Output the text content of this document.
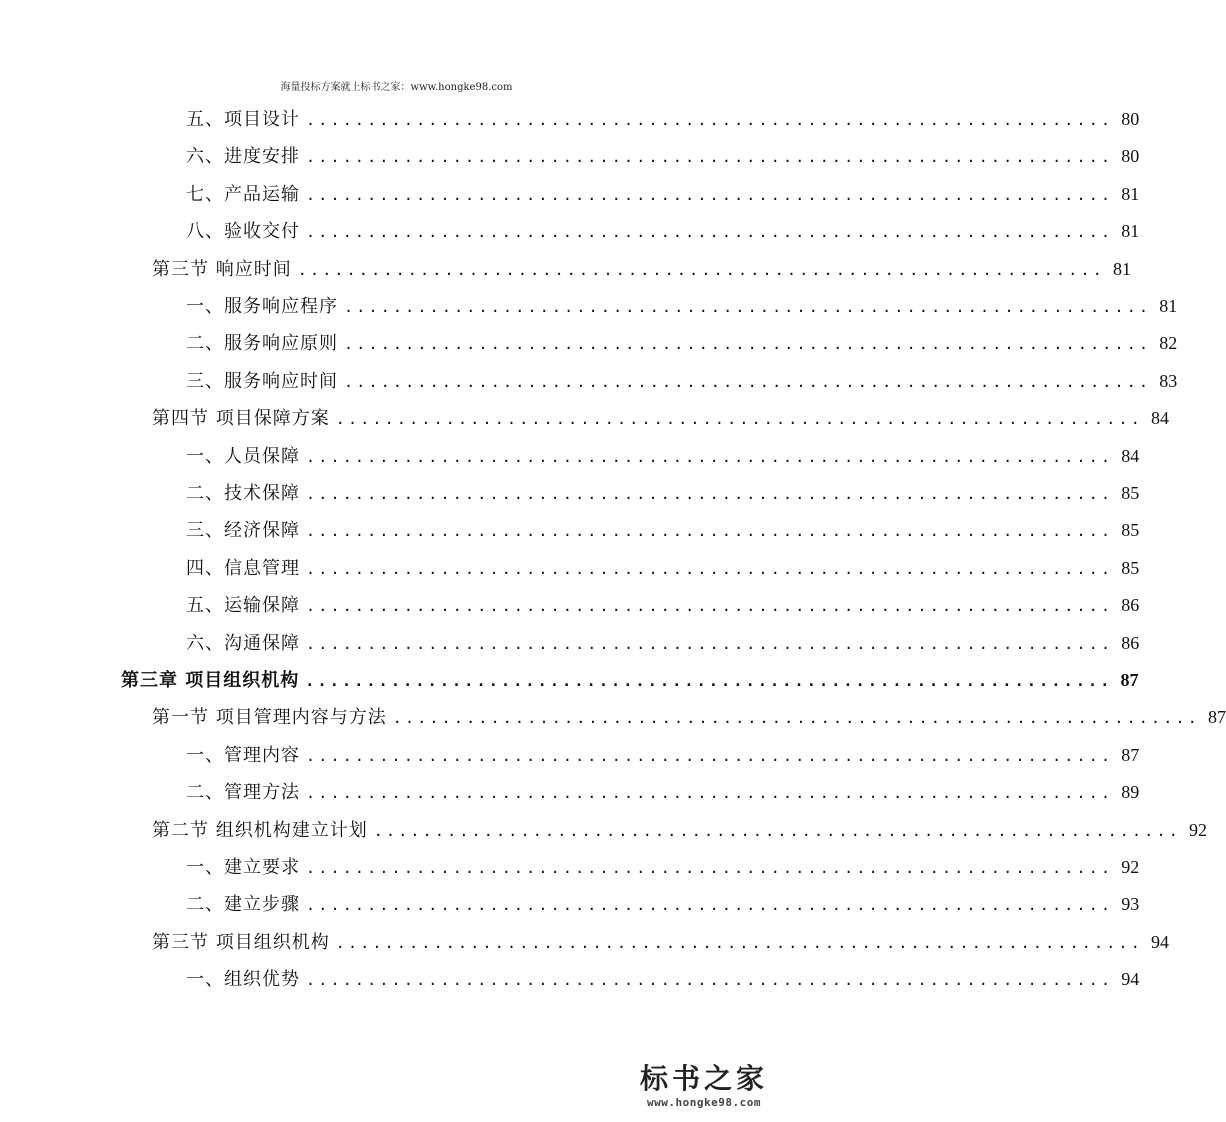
海量投标方案就上标书之家：www.hongke98.com
五、项目设计 .................................................................. 80
六、进度安排 .................................................................. 80
七、产品运输 .................................................................. 81
八、验收交付 .................................................................. 81
第三节 响应时间 .................................................................. 81
一、服务响应程序 .................................................................. 81
二、服务响应原则 .................................................................. 82
三、服务响应时间 .................................................................. 83
第四节 项目保障方案 .................................................................. 84
一、人员保障 .................................................................. 84
二、技术保障 .................................................................. 85
三、经济保障 .................................................................. 85
四、信息管理 .................................................................. 85
五、运输保障 .................................................................. 86
六、沟通保障 .................................................................. 86
第三章 项目组织机构 .................................................................. 87
第一节 项目管理内容与方法 .................................................................. 87
一、管理内容 .................................................................. 87
二、管理方法 .................................................................. 89
第二节 组织机构建立计划 .................................................................. 92
一、建立要求 .................................................................. 92
二、建立步骤 .................................................................. 93
第三节 项目组织机构 .................................................................. 94
一、组织优势 .................................................................. 94
标书之家
www.hongke98.com
